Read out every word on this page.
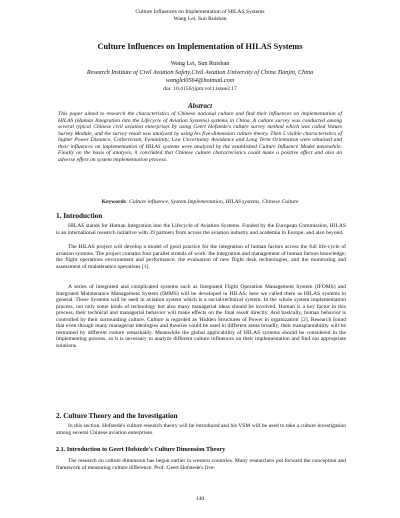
Culture Influences on Implementation of HILAS Systems
Wang Lei, Sun Ruishan
Culture Influences on Implementation of HILAS Systems
Wang Lei, Sun Ruishan
Research Institute of Civil Aviation Safety,Civil Aviation University of China Tianjin, China
wanglei0564@hotmail.com
doi: 10.4156/jipm.vol1.issue2.17
Abstract
This paper aimed to research the characteristics of Chinese national culture and find their influences on implementation of HILAS (Human Integration into the Lifecycle of Aviation Systems) systems in China. A culture survey was conducted among several typical Chinese civil aviation enterprises by using Geert Hofstede's culture survey method which was called Values Survey Module, and the survey result was analyzed by using his five-dimension culture theory. Then 5 visible characteristics of higher Power Distance, Collectivism, Femininity, Low Uncertainty Avoidance and Long Term Orientation were obtained and their influences on implementation of HILAS systems were analyzed by the established Culture Influence Model meanwhile. Finally on the basis of analysis, it concluded that Chinese culture characteristics could make a positive effect and also an adverse effect on system implementation process.
Keywords: Culture influence, System Implementation, HILAS systems, Chinese Culture
1. Introduction
HILAS stands for Human Integration into the Lifecycle of Aviation Systems. Funded by the European Commission, HILAS is an international research initiative with 39 partners from across the aviation industry and academia in Europe, and also beyond.
The HILAS project will develop a model of good practice for the integration of human factors across the full life-cycle of aviation systems. The project contains four parallel strands of work: the integration and management of human factors knowledge; the flight operations environment and performance; the evaluation of new flight deck technologies, and the monitoring and assessment of maintenance operations [1].
A series of integrated and complicated systems such as Integrated Flight Operation Management System (IFOMS) and Integrated Maintenance Management System (IMMS) will be developed in HILAS; here we called them as HILAS systems in general. These Systems will be used in aviation system which is a social-technical system. In the whole system implementation process, not only some kinds of technology but also many managerial ideas should be involved. Human is a key factor in this process, their technical and managerial behavior will make effects on the final result directly. And basically, human behavior is controlled by their surrounding culture. Culture is regarded as 'Hidden Structures of Power in organization' [2]. Research found that even though many managerial ideologies and theories could be used in different areas broadly, their transplantability will be restrained by different culture remarkably. Meanwhile the global applicability of HILAS systems should be considered in the implementing process, so it is necessary to analyze different culture influences on their implementation and find out appropriate solutions.
2. Culture Theory and the Investigation
In this section, Hofstede's culture research theory will be introduced and his VSM will be used to take a culture investigation among several Chinese aviation enterprises.
2.1. Introduction to Geert Hofstede's Culture Dimension Theory
The research on culture dimension has begun earlier in western countries. Many researchers put forward the conception and framework of measuring culture difference. Prof. Geert Hofstede's five-
140
